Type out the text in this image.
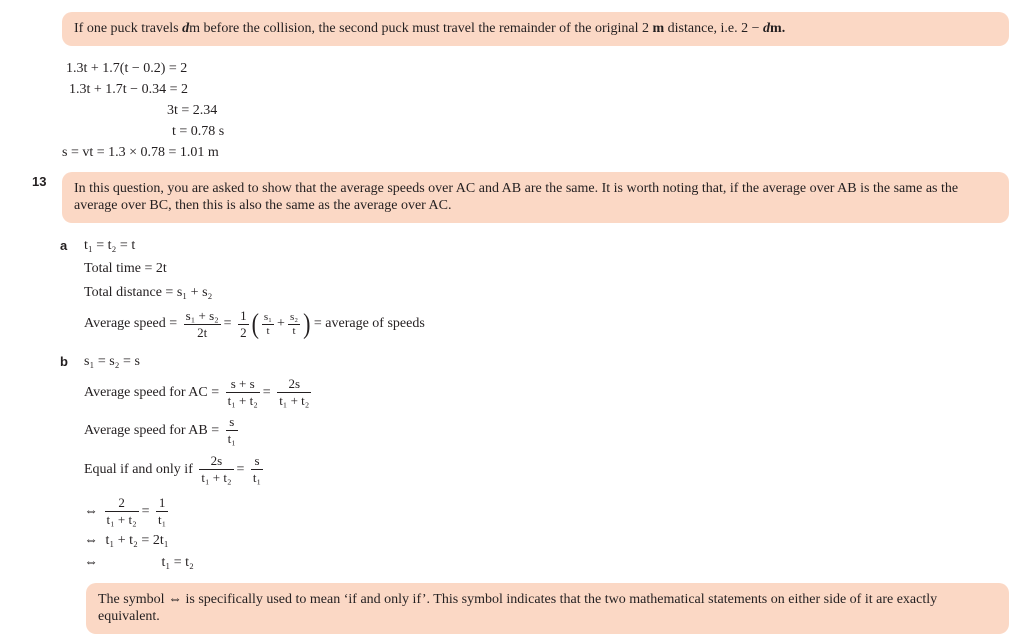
If one puck travels dm before the collision, the second puck must travel the remainder of the original 2 m distance, i.e. 2 − dm.
1.3t + 1.7(t − 0.2) = 2
1.3t + 1.7t − 0.34 = 2
3t = 2.34
t = 0.78 s
s = vt = 1.3 × 0.78 = 1.01 m
13	In this question, you are asked to show that the average speeds over AC and AB are the same. It is worth noting that, if the average over AB is the same as the average over BC, then this is also the same as the average over AC.
a t₁ = t₂ = t
Total time = 2t
Total distance = s₁ + s₂
Average speed = $\frac{\text{s₁ + s₂}}{2t} = \frac{1}{2}$ ( $\frac{\text{s₁}}{t} + \frac{\text{s₂}}{t}$ ) = average of speeds
b s₁ = s₂ = s
Average speed for AC = $\frac{s + s}{\text{t₁ + t₂}} = \frac{2s}{\text{t₁ + t₂}}$
Average speed for AB = $\frac{s}{\text{t₁}}$
Equal if and only if $\frac{2s}{\text{t₁ + t₂}} = \frac{s}{\text{t₁}}$
⇔ $\frac{2}{\text{t₁ + t₂}} = \frac{1}{\text{t₁}}$
⇔ t₁ + t₂ = 2t₁
⇔	t₁ = t₂
The symbol ⇔ is specifically used to mean ‘if and only if’. This symbol indicates that the two mathematical statements on either side of it are exactly equivalent.
